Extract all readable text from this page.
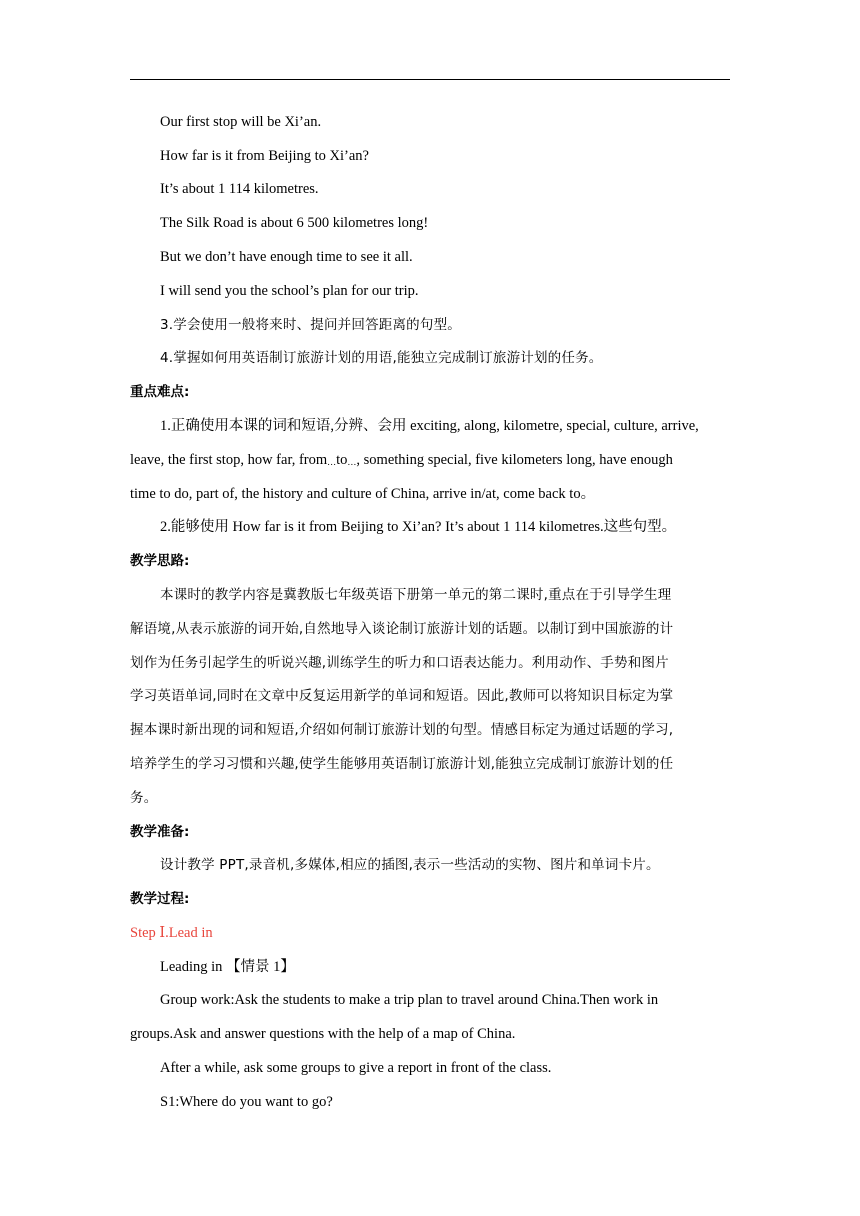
Our first stop will be Xi’an.
How far is it from Beijing to Xi’an?
It’s about 1 114 kilometres.
The Silk Road is about 6 500 kilometres long!
But we don’t have enough time to see it all.
I will send you the school’s plan for our trip.
3.学会使用一般将来时、提问并回答距离的句型。
4.掌握如何用英语制订旅游计划的用语,能独立完成制订旅游计划的任务。
重点难点:
1.正确使用本课的词和短语,分辨、会用 exciting, along, kilometre, special, culture, arrive,
leave, the first stop, how far, from…to…, something special, five kilometers long, have enough
time to do, part of, the history and culture of China, arrive in/at, come back to。
2.能够使用 How far is it from Beijing to Xi’an? It’s about 1 114 kilometres.这些句型。
教学思路:
本课时的教学内容是冀教版七年级英语下册第一单元的第二课时,重点在于引导学生理
解语境,从表示旅游的词开始,自然地导入谈论制订旅游计划的话题。以制订到中国旅游的计
划作为任务引起学生的听说兴趣,训练学生的听力和口语表达能力。利用动作、手势和图片
学习英语单词,同时在文章中反复运用新学的单词和短语。因此,教师可以将知识目标定为掌
握本课时新出现的词和短语,介绍如何制订旅游计划的句型。情感目标定为通过话题的学习,
培养学生的学习习惯和兴趣,使学生能够用英语制订旅游计划,能独立完成制订旅游计划的任
务。
教学准备:
设计教学 PPT,录音机,多媒体,相应的插图,表示一些活动的实物、图片和单词卡片。
教学过程:
Step Ⅰ.Lead in
Leading in 【情景 1】
Group work:Ask the students to make a trip plan to travel around China.Then work in
groups.Ask and answer questions with the help of a map of China.
After a while, ask some groups to give a report in front of the class.
S1:Where do you want to go?
